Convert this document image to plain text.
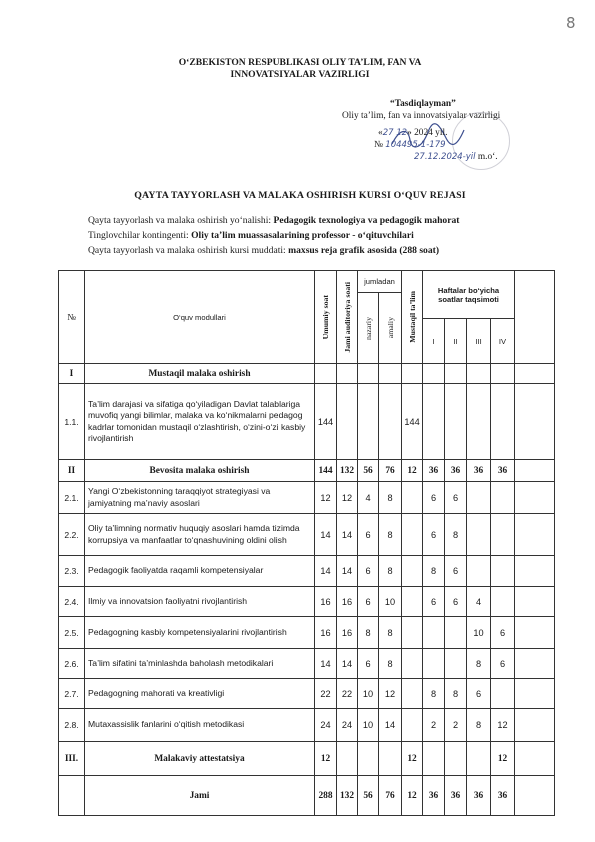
8
O‘ZBEKISTON RESPUBLIKASI OLIY TA’LIM, FAN VA
INNOVATSIYALAR VAZIRLIGI
“Tasdiqlayman”
Oliy ta’lim, fan va innovatsiyalar vazirligi
«27 12» 2024 yil.
№ 104495-1-179
27.12.2024-yil m.o‘.
QAYTA TAYYORLASH VA MALAKA OSHIRISH KURSI O‘QUV REJASI
Qayta tayyorlash va malaka oshirish yo‘nalishi: Pedagogik texnologiya va pedagogik mahorat
Tinglovchilar kontingenti: Oliy ta’lim muassasalarining professor - o‘qituvchilari
Qayta tayyorlash va malaka oshirish kursi muddati: maxsus reja grafik asosida (288 soat)
№	O‘quv modullari	Umumiy soat	Jami auditoriya soati	jumladan		Mustaqil ta’lim	Haftalar bo‘yicha soatlar taqsimoti				

				nazariy	amaliy						

							I	II	III	IV	
I	Mustaqil malaka oshirish										
1.1.	Ta’lim darajasi va sifatiga qo‘yiladigan Davlat talablariga muvofiq yangi bilimlar, malaka va ko‘nikmalarni pedagog kadrlar tomonidan mustaqil o‘zlashtirish, o‘zini-o‘zi kasbiy rivojlantirish	144				144					
II	Bevosita malaka oshirish	144	132	56	76	12	36	36	36	36	
2.1.	Yangi O‘zbekistonning taraqqiyot strategiyasi va jamiyatning ma’naviy asoslari	12	12	4	8		6	6			
2.2.	Oliy ta’limning normativ huquqiy asoslari hamda tizimda korrupsiya va manfaatlar to‘qnashuvining oldini olish	14	14	6	8		6	8			
2.3.	Pedagogik faoliyatda raqamli kompetensiyalar	14	14	6	8		8	6			
2.4.	Ilmiy va innovatsion faoliyatni rivojlantirish	16	16	6	10		6	6	4		
2.5.	Pedagogning kasbiy kompetensiyalarini rivojlantirish	16	16	8	8				10	6	
2.6.	Ta’lim sifatini ta’minlashda baholash metodikalari	14	14	6	8				8	6	
2.7.	Pedagogning mahorati va kreativligi	22	22	10	12		8	8	6		
2.8.	Mutaxassislik fanlarini o‘qitish metodikasi	24	24	10	14		2	2	8	12	
III.	Malakaviy attestatsiya	12				12				12	
	Jami	288	132	56	76	12	36	36	36	36	
